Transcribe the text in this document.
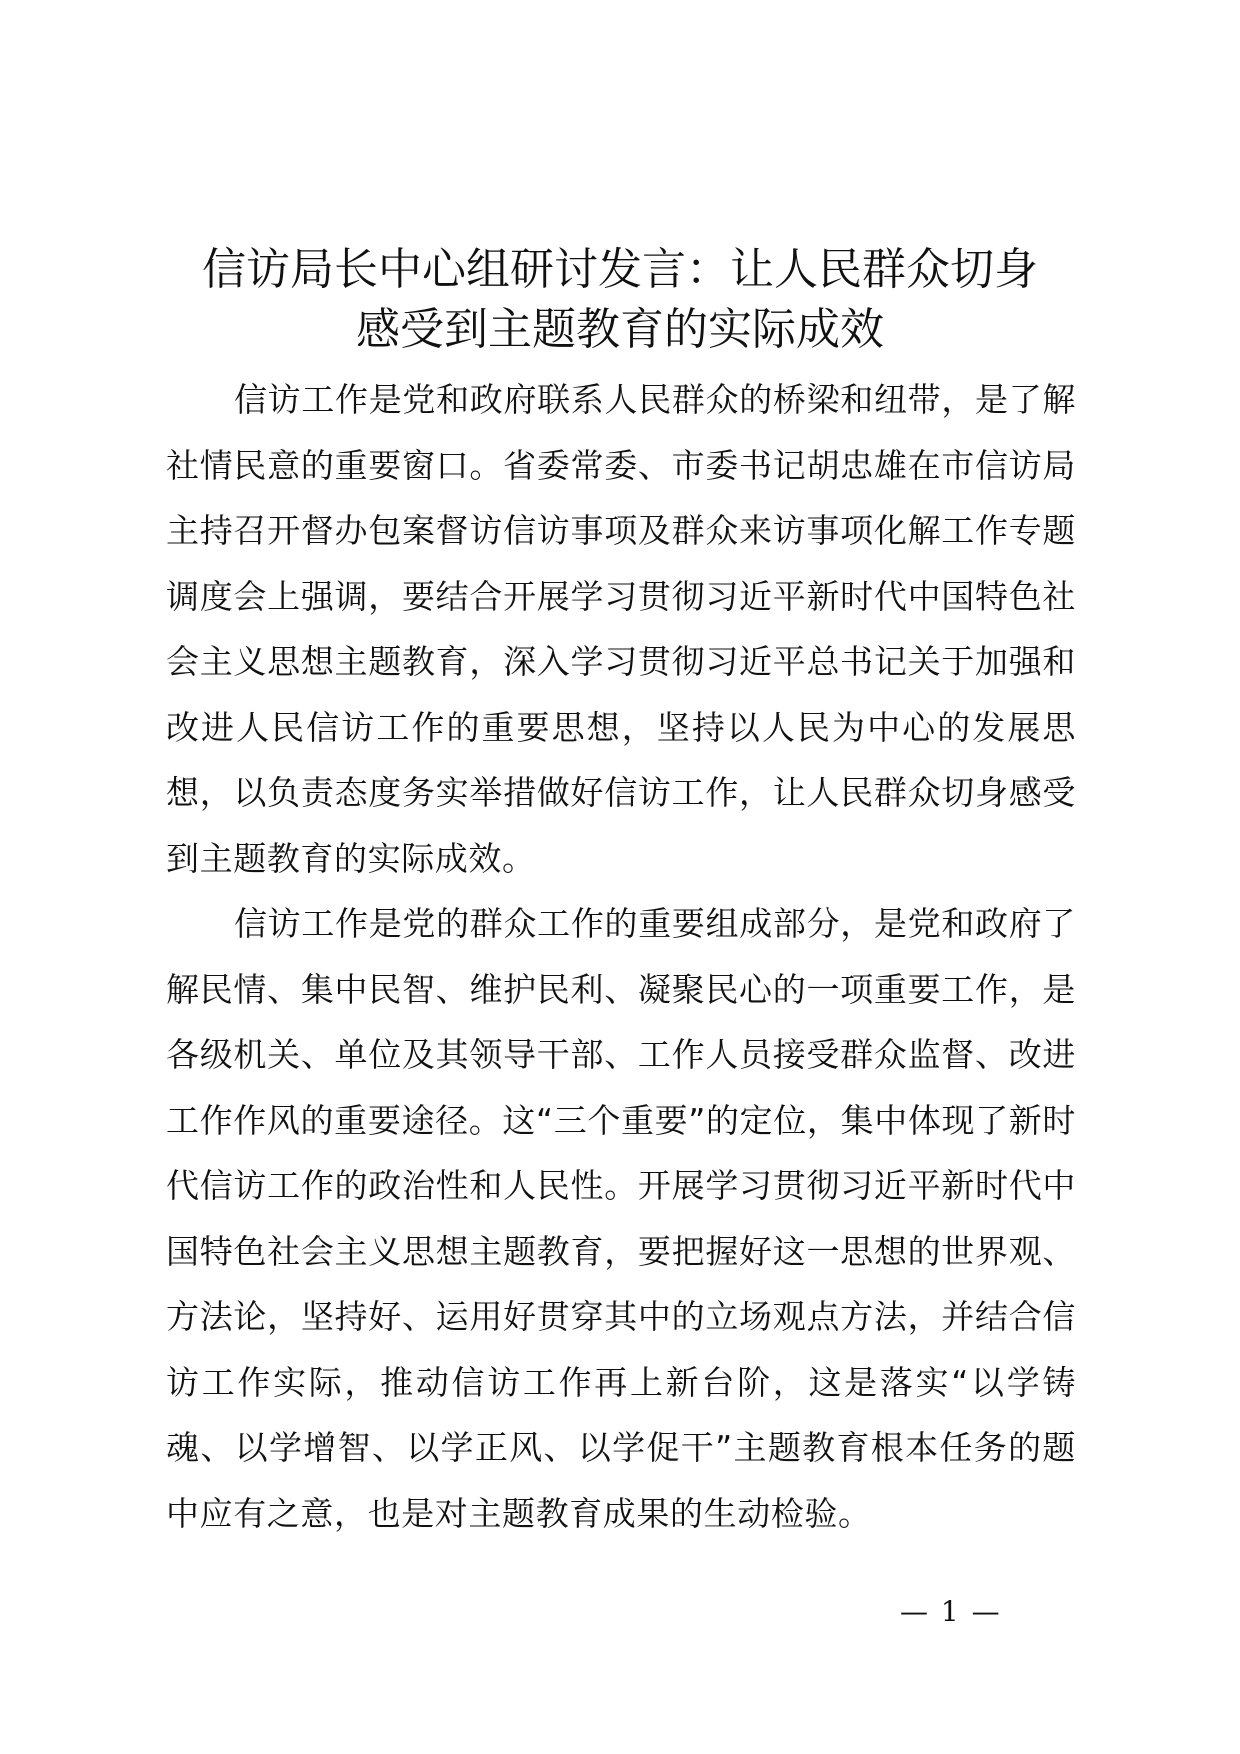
信访局长中心组研讨发言：让人民群众切身
感受到主题教育的实际成效

信访工作是党和政府联系人民群众的桥梁和纽带，是了解社情民意的重要窗口。省委常委、市委书记胡忠雄在市信访局主持召开督办包案督访信访事项及群众来访事项化解工作专题调度会上强调，要结合开展学习贯彻习近平新时代中国特色社会主义思想主题教育，深入学习贯彻习近平总书记关于加强和改进人民信访工作的重要思想，坚持以人民为中心的发展思想，以负责态度务实举措做好信访工作，让人民群众切身感受到主题教育的实际成效。

信访工作是党的群众工作的重要组成部分，是党和政府了解民情、集中民智、维护民利、凝聚民心的一项重要工作，是各级机关、单位及其领导干部、工作人员接受群众监督、改进工作作风的重要途径。这“三个重要”的定位，集中体现了新时代信访工作的政治性和人民性。开展学习贯彻习近平新时代中国特色社会主义思想主题教育，要把握好这一思想的世界观、方法论，坚持好、运用好贯穿其中的立场观点方法，并结合信访工作实际，推动信访工作再上新台阶，这是落实“以学铸魂、以学增智、以学正风、以学促干”主题教育根本任务的题中应有之意，也是对主题教育成果的生动检验。

— 1 —
